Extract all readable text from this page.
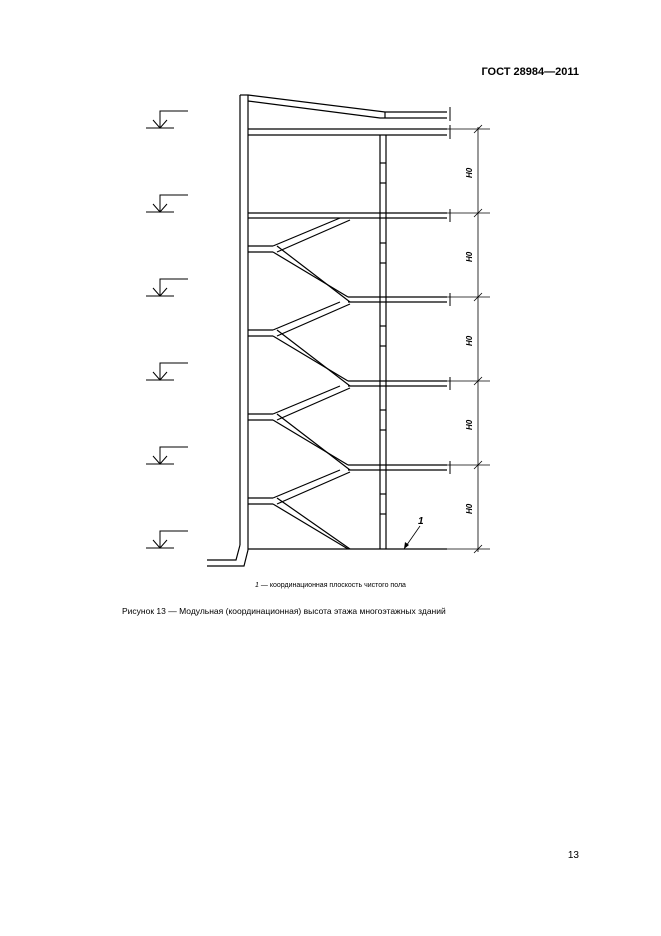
ГОСТ 28984—2011
H0
H0
H0
H0
H0
1
1 — координационная плоскость чистого пола
Рисунок 13 — Модульная (координационная) высота этажа многоэтажных зданий
13
